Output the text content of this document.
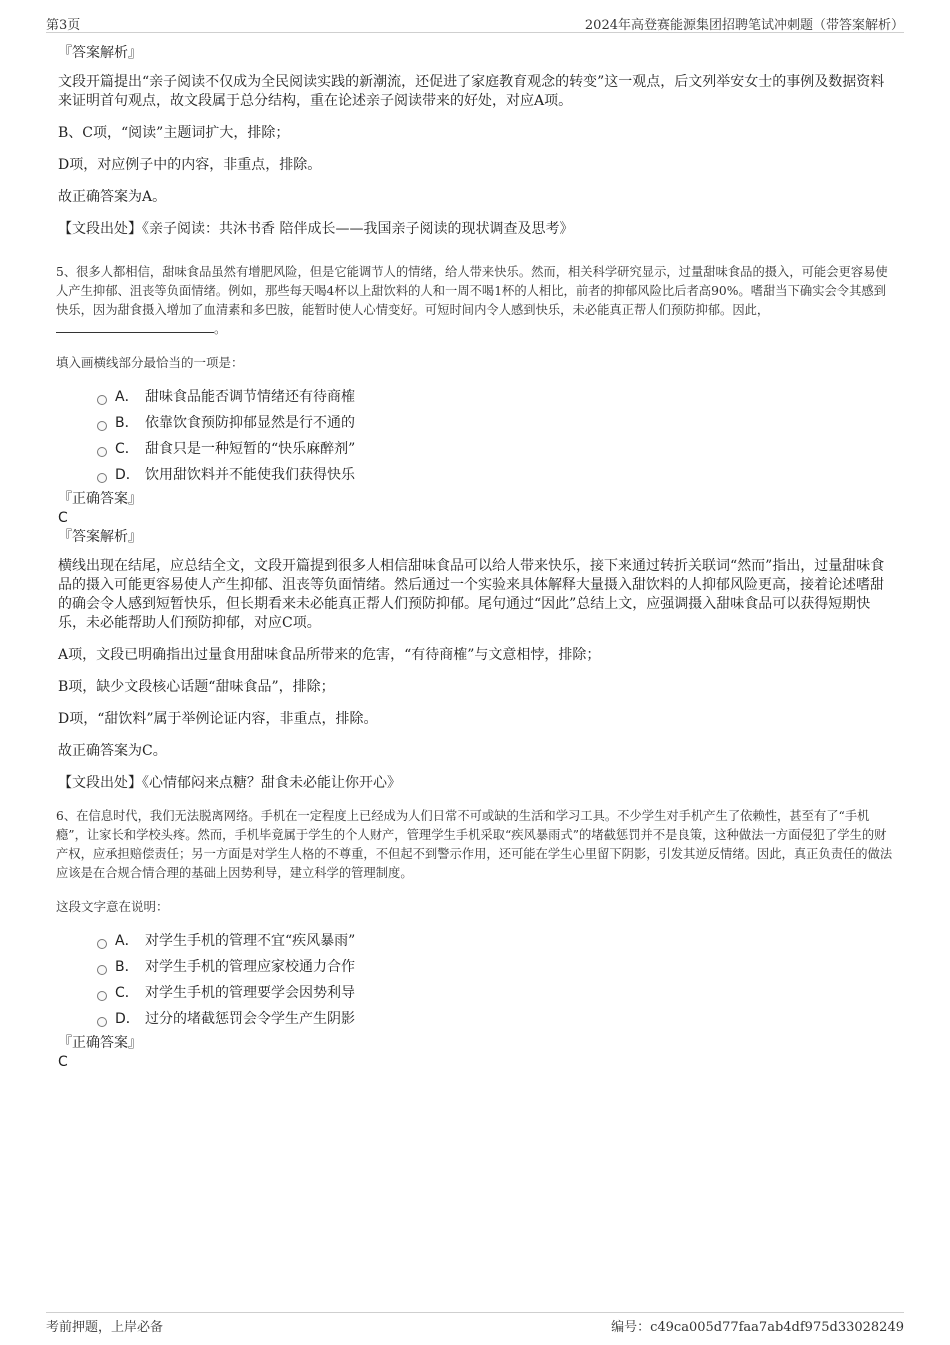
第3页	2024年高登赛能源集团招聘笔试冲刺题（带答案解析）
『答案解析』

文段开篇提出“亲子阅读不仅成为全民阅读实践的新潮流，还促进了家庭教育观念的转变”这一观点，后文列举安女士的事例及数据资料来证明首句观点，故文段属于总分结构，重在论述亲子阅读带来的好处，对应A项。

B、C项，“阅读”主题词扩大，排除；

D项，对应例子中的内容，非重点，排除。

故正确答案为A。

【文段出处】《亲子阅读：共沐书香 陪伴成长——我国亲子阅读的现状调查及思考》

5、很多人都相信，甜味食品虽然有增肥风险，但是它能调节人的情绪，给人带来快乐。然而，相关科学研究显示，过量甜味食品的摄入，可能会更容易使人产生抑郁、沮丧等负面情绪。例如，那些每天喝4杯以上甜饮料的人和一周不喝1杯的人相比，前者的抑郁风险比后者高90%。嗜甜当下确实会令其感到快乐，因为甜食摄入增加了血清素和多巴胺，能暂时使人心情变好。可短时间内令人感到快乐，未必能真正帮人们预防抑郁。因此，。

填入画横线部分最恰当的一项是：

A． 甜味食品能否调节情绪还有待商榷
B． 依靠饮食预防抑郁显然是行不通的
C． 甜食只是一种短暂的“快乐麻醉剂”
D． 饮用甜饮料并不能使我们获得快乐
『正确答案』
C
『答案解析』

横线出现在结尾，应总结全文，文段开篇提到很多人相信甜味食品可以给人带来快乐，接下来通过转折关联词“然而”指出，过量甜味食品的摄入可能更容易使人产生抑郁、沮丧等负面情绪。然后通过一个实验来具体解释大量摄入甜饮料的人抑郁风险更高，接着论述嗜甜的确会令人感到短暂快乐，但长期看来未必能真正帮人们预防抑郁。尾句通过“因此”总结上文，应强调摄入甜味食品可以获得短期快乐，未必能帮助人们预防抑郁，对应C项。

A项，文段已明确指出过量食用甜味食品所带来的危害，“有待商榷”与文意相悖，排除；

B项，缺少文段核心话题“甜味食品”，排除；

D项，“甜饮料”属于举例论证内容，非重点，排除。

故正确答案为C。

【文段出处】《心情郁闷来点糖？甜食未必能让你开心》

6、在信息时代，我们无法脱离网络。手机在一定程度上已经成为人们日常不可或缺的生活和学习工具。不少学生对手机产生了依赖性，甚至有了“手机瘾”，让家长和学校头疼。然而，手机毕竟属于学生的个人财产，管理学生手机采取“疾风暴雨式”的堵截惩罚并不是良策，这种做法一方面侵犯了学生的财产权，应承担赔偿责任；另一方面是对学生人格的不尊重，不但起不到警示作用，还可能在学生心里留下阴影，引发其逆反情绪。因此，真正负责任的做法应该是在合规合情合理的基础上因势利导，建立科学的管理制度。

这段文字意在说明：

A． 对学生手机的管理不宜“疾风暴雨”
B． 对学生手机的管理应家校通力合作
C． 对学生手机的管理要学会因势利导
D． 过分的堵截惩罚会令学生产生阴影
『正确答案』
C
考前押题，上岸必备	编号：c49ca005d77faa7ab4df975d33028249
